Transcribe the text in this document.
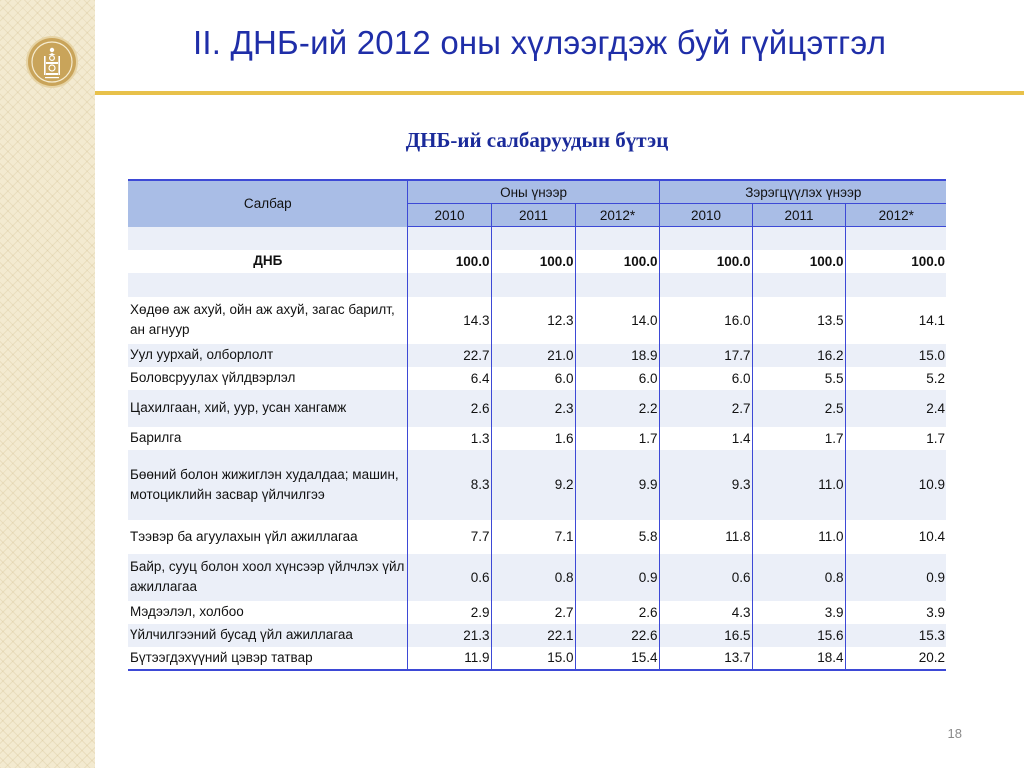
II. ДНБ-ий 2012 оны хүлээгдэж буй гүйцэтгэл
ДНБ-ий салбаруудын бүтэц
Салбар	Оны үнээр			Зэрэгцүүлэх үнээр		
	2010	2011	2012*	2010	2011	2012*

ДНБ	100.0	100.0	100.0	100.0	100.0	100.0

Хөдөө аж ахуй, ойн аж ахуй, загас барилт, ан агнуур	14.3	12.3	14.0	16.0	13.5	14.1
Уул уурхай, олборлолт	22.7	21.0	18.9	17.7	16.2	15.0
Боловсруулах үйлдвэрлэл	6.4	6.0	6.0	6.0	5.5	5.2
Цахилгаан, хий, уур, усан хангамж	2.6	2.3	2.2	2.7	2.5	2.4
Барилга	1.3	1.6	1.7	1.4	1.7	1.7
Бөөний болон жижиглэн худалдаа; машин, мотоциклийн засвар үйлчилгээ	8.3	9.2	9.9	9.3	11.0	10.9
Тээвэр ба агуулахын үйл ажиллагаа	7.7	7.1	5.8	11.8	11.0	10.4
Байр, сууц болон хоол хүнсээр үйлчлэх үйл ажиллагаа	0.6	0.8	0.9	0.6	0.8	0.9
Мэдээлэл, холбоо	2.9	2.7	2.6	4.3	3.9	3.9
Үйлчилгээний бусад үйл ажиллагаа	21.3	22.1	22.6	16.5	15.6	15.3
Бүтээгдэхүүний цэвэр татвар	11.9	15.0	15.4	13.7	18.4	20.2
18
